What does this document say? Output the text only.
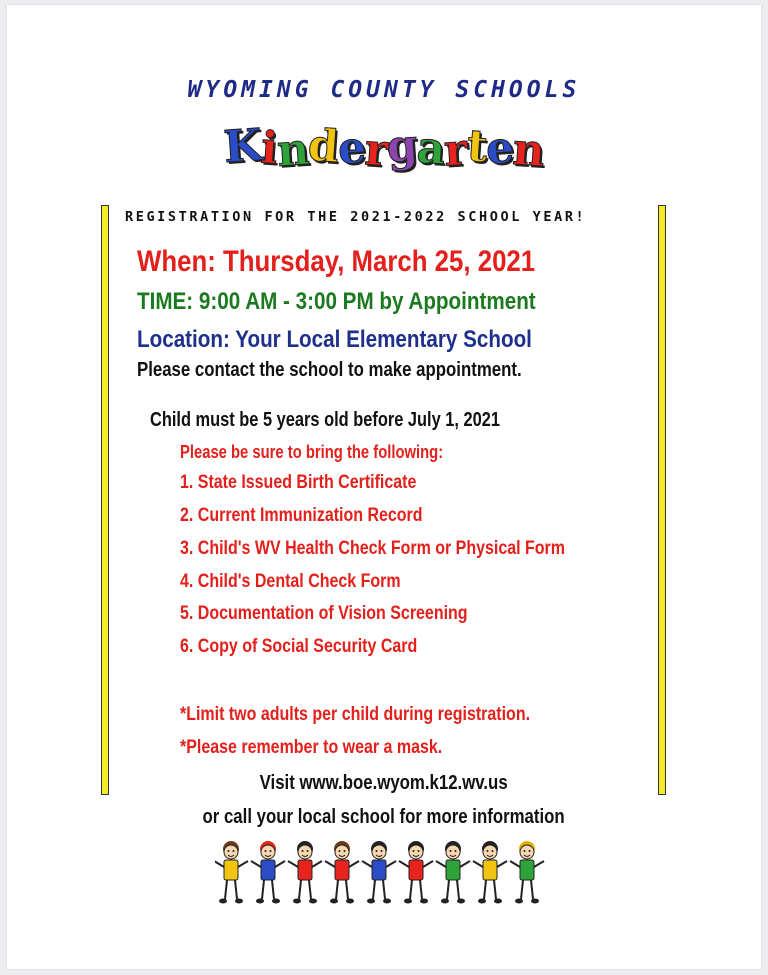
WYOMING COUNTY SCHOOLS
Kindergarten
REGISTRATION FOR THE 2021-2022 SCHOOL YEAR!
When: Thursday, March 25, 2021
TIME: 9:00 AM - 3:00 PM by Appointment
Location: Your Local Elementary School
Please contact the school to make appointment.
Child must be 5 years old before July 1, 2021
Please be sure to bring the following:
1. State Issued Birth Certificate
2. Current Immunization Record
3. Child's WV Health Check Form or Physical Form
4. Child's Dental Check Form
5. Documentation of Vision Screening
6. Copy of Social Security Card
*Limit two adults per child during registration.
*Please remember to wear a mask.
Visit www.boe.wyom.k12.wv.us
or call your local school for more information
